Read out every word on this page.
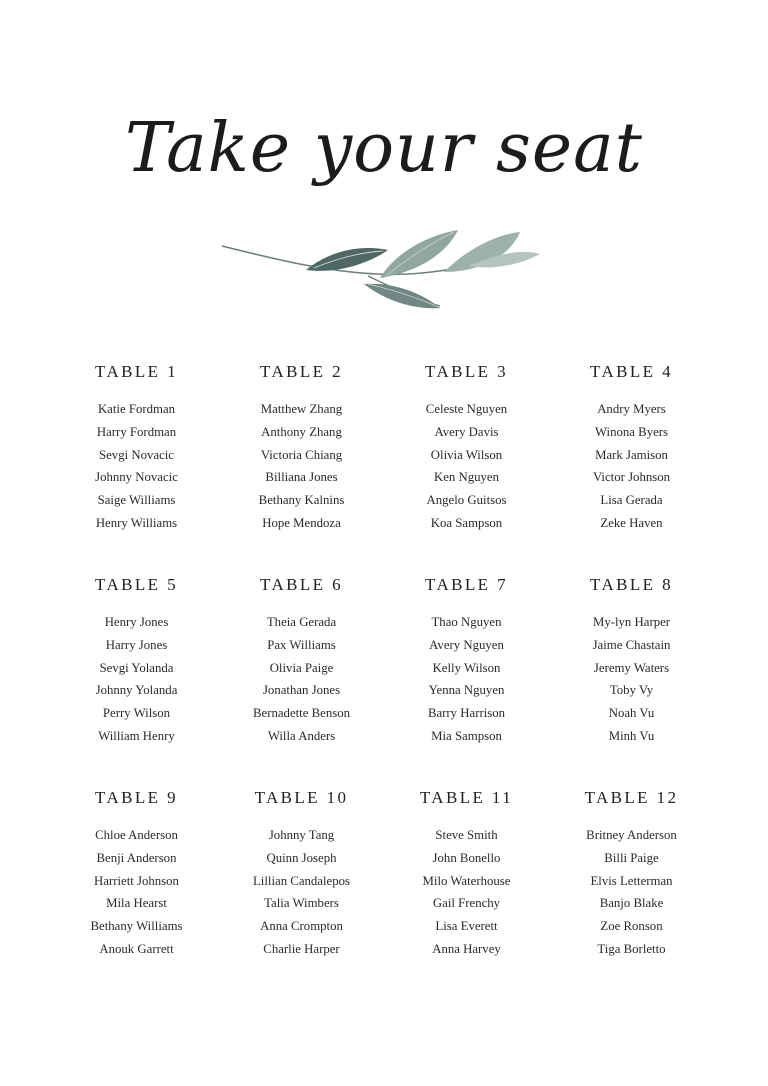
Take your seat
TABLE 1
Katie Fordman
Harry Fordman
Sevgi Novacic
Johnny Novacic
Saige Williams
Henry Williams
TABLE 2
Matthew Zhang
Anthony Zhang
Victoria Chiang
Billiana Jones
Bethany Kalnins
Hope Mendoza
TABLE 3
Celeste Nguyen
Avery Davis
Olivia Wilson
Ken Nguyen
Angelo Guitsos
Koa Sampson
TABLE 4
Andry Myers
Winona Byers
Mark Jamison
Victor Johnson
Lisa Gerada
Zeke Haven
TABLE 5
Henry Jones
Harry Jones
Sevgi Yolanda
Johnny Yolanda
Perry Wilson
William Henry
TABLE 6
Theia Gerada
Pax Williams
Olivia Paige
Jonathan Jones
Bernadette Benson
Willa Anders
TABLE 7
Thao Nguyen
Avery Nguyen
Kelly Wilson
Yenna Nguyen
Barry Harrison
Mia Sampson
TABLE 8
My-lyn Harper
Jaime Chastain
Jeremy Waters
Toby Vy
Noah Vu
Minh Vu
TABLE 9
Chloe Anderson
Benji Anderson
Harriett Johnson
Mila Hearst
Bethany Williams
Anouk Garrett
TABLE 10
Johnny Tang
Quinn Joseph
Lillian Candalepos
Talia Wimbers
Anna Crompton
Charlie Harper
TABLE 11
Steve Smith
John Bonello
Milo Waterhouse
Gail Frenchy
Lisa Everett
Anna Harvey
TABLE 12
Britney Anderson
Billi Paige
Elvis Letterman
Banjo Blake
Zoe Ronson
Tiga Borletto
